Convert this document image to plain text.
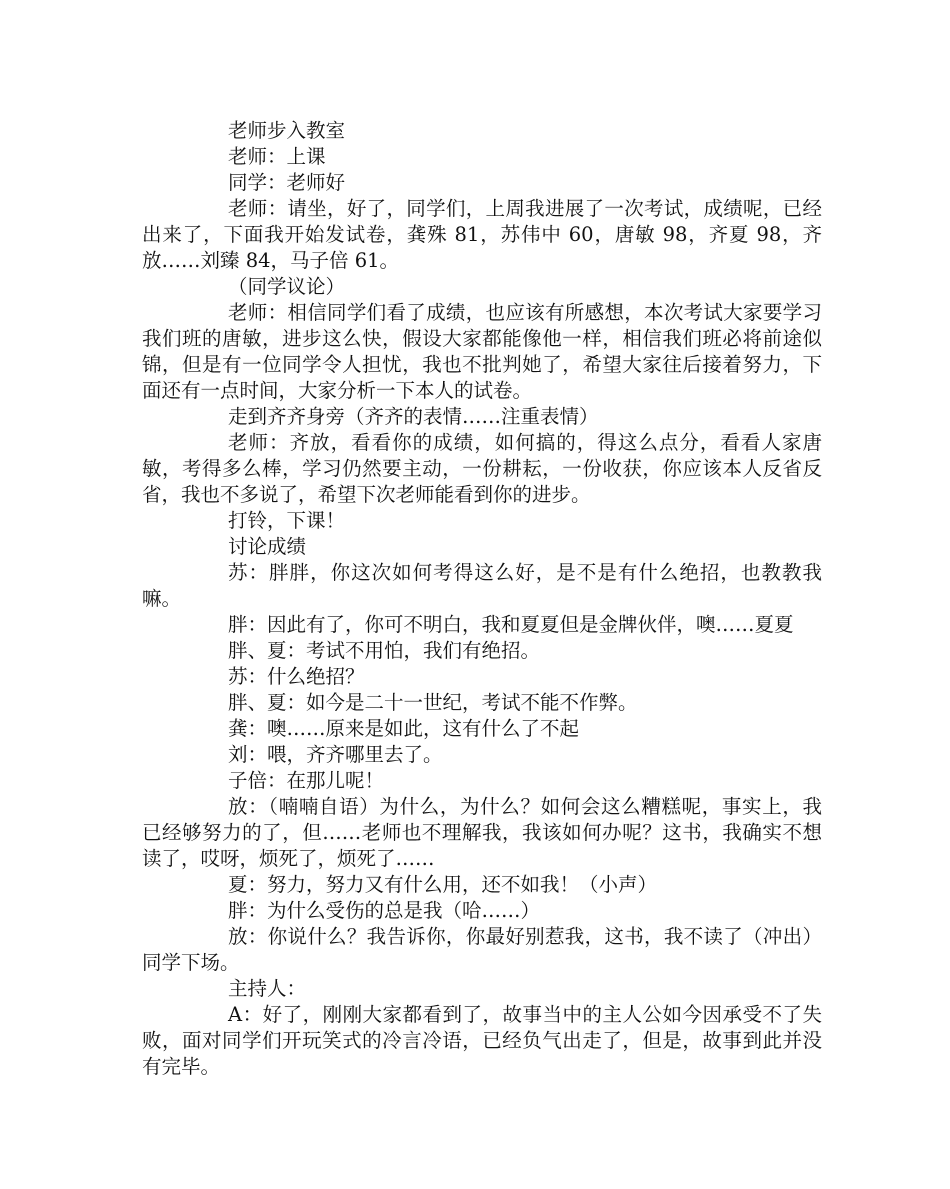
老师步入教室

老师：上课

同学：老师好

老师：请坐，好了，同学们，上周我进展了一次考试，成绩呢，已经出来了，下面我开始发试卷，龚殊 81，苏伟中 60，唐敏 98，齐夏 98，齐放……刘臻 84，马子倍 61。

（同学议论）

老师：相信同学们看了成绩，也应该有所感想，本次考试大家要学习我们班的唐敏，进步这么快，假设大家都能像他一样，相信我们班必将前途似锦，但是有一位同学令人担忧，我也不批判她了，希望大家往后接着努力，下面还有一点时间，大家分析一下本人的试卷。

走到齐齐身旁（齐齐的表情……注重表情）

老师：齐放，看看你的成绩，如何搞的，得这么点分，看看人家唐敏，考得多么棒，学习仍然要主动，一份耕耘，一份收获，你应该本人反省反省，我也不多说了，希望下次老师能看到你的进步。

打铃，下课！

讨论成绩

苏：胖胖，你这次如何考得这么好，是不是有什么绝招，也教教我嘛。

胖：因此有了，你可不明白，我和夏夏但是金牌伙伴，噢……夏夏

胖、夏：考试不用怕，我们有绝招。

苏：什么绝招？

胖、夏：如今是二十一世纪，考试不能不作弊。

龚：噢……原来是如此，这有什么了不起

刘：喂，齐齐哪里去了。

子倍：在那儿呢！

放：（喃喃自语）为什么，为什么？如何会这么糟糕呢，事实上，我已经够努力的了，但……老师也不理解我，我该如何办呢？这书，我确实不想读了，哎呀，烦死了，烦死了……

夏：努力，努力又有什么用，还不如我！（小声）

胖：为什么受伤的总是我（哈……）

放：你说什么？我告诉你，你最好别惹我，这书，我不读了（冲出）同学下场。

主持人：

A：好了，刚刚大家都看到了，故事当中的主人公如今因承受不了失败，面对同学们开玩笑式的冷言冷语，已经负气出走了，但是，故事到此并没有完毕。
